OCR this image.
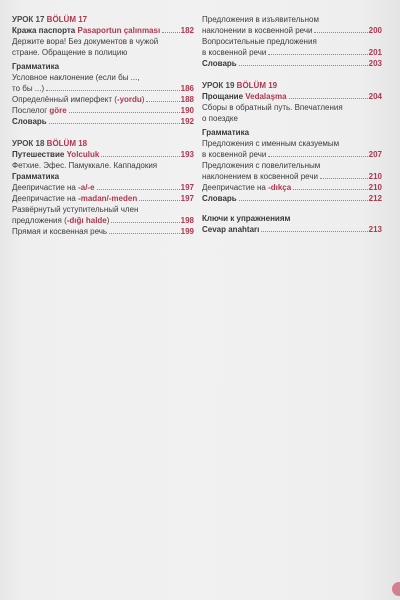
УРОК 17 BÖLÜM 17
Кража паспорта Pasaportun çalınması	182
Держите вора! Без документов в чужой
стране. Обращение в полицию
Грамматика
Условное наклонение (если бы ...,
то бы ...)	186
Определённый имперфект (-yordu)	188
Послелог göre	190
Словарь	192
УРОК 18 BÖLÜM 18
Путешествие Yolculuk	193
Фетхие. Эфес. Памуккале. Каппадокия
Грамматика
Деепричастие на -a/-e	197
Деепричастие на -madan/-meden	197
Развёрнутый уступительный член
предложения (-dığı halde)	198
Прямая и косвенная речь	199
Предложения в изъявительном
наклонении в косвенной речи	200
Вопросительные предложения
в косвенной речи	201
Словарь	203
УРОК 19 BÖLÜM 19
Прощание Vedalaşma	204
Сборы в обратный путь. Впечатления
о поездке
Грамматика
Предложения с именным сказуемым
в косвенной речи	207
Предложения с повелительным
наклонением в косвенной речи	210
Деепричастие на -dıkça	210
Словарь	212
Ключи к упражнениям
Cevap anahtarı	213
